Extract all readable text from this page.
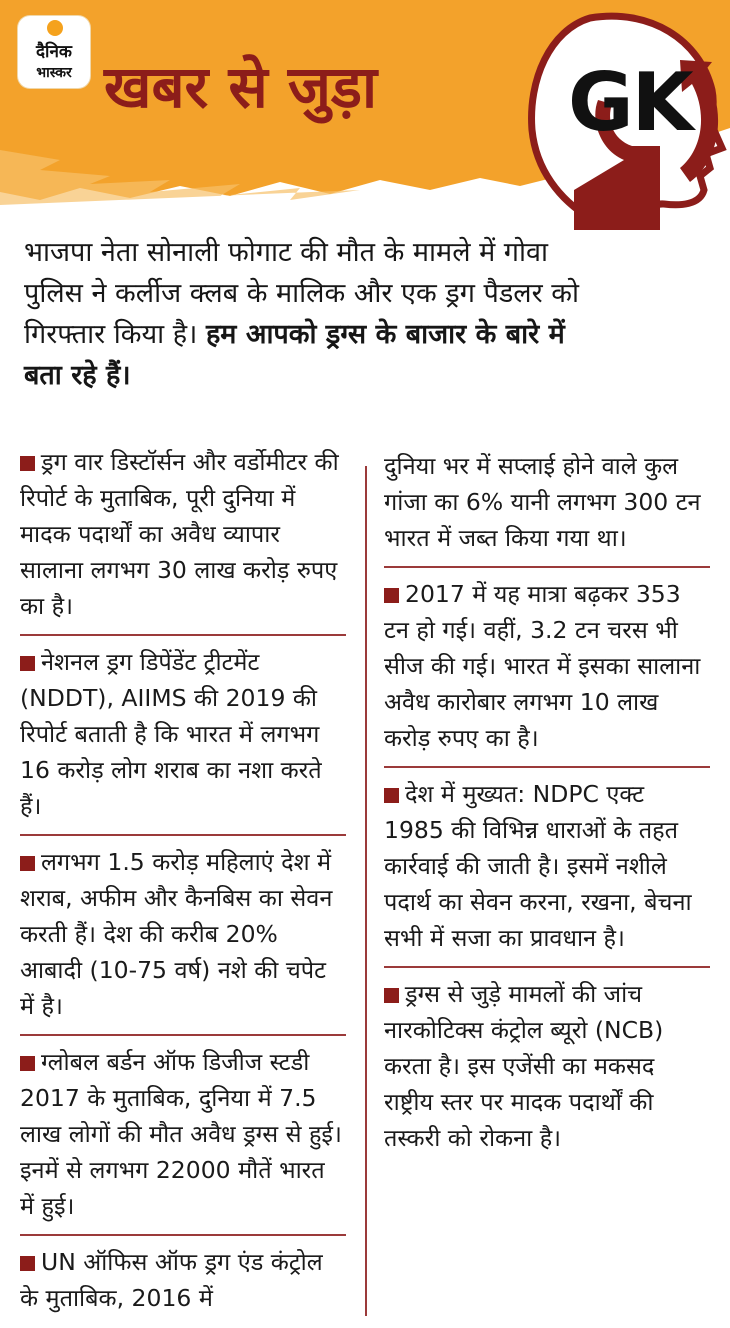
दैनिक
भास्कर खबर से जुड़ा GK
भाजपा नेता सोनाली फोगाट की मौत के मामले में गोवा पुलिस ने कर्लीज क्लब के मालिक और एक ड्रग पैडलर को गिरफ्तार किया है। हम आपको ड्रग्स के बाजार के बारे में बता रहे हैं।
ड्रग वार डिस्टॉर्सन और वर्डोमीटर की रिपोर्ट के मुताबिक, पूरी दुनिया में मादक पदार्थों का अवैध व्यापार सालाना लगभग 30 लाख करोड़ रुपए का है।
नेशनल ड्रग डिपेंडेंट ट्रीटमेंट (NDDT), AIIMS की 2019 की रिपोर्ट बताती है कि भारत में लगभग 16 करोड़ लोग शराब का नशा करते हैं।
लगभग 1.5 करोड़ महिलाएं देश में शराब, अफीम और कैनबिस का सेवन करती हैं। देश की करीब 20% आबादी (10-75 वर्ष) नशे की चपेट में है।
ग्लोबल बर्डन ऑफ डिजीज स्टडी 2017 के मुताबिक, दुनिया में 7.5 लाख लोगों की मौत अवैध ड्रग्स से हुई। इनमें से लगभग 22000 मौतें भारत में हुई।
UN ऑफिस ऑफ ड्रग एंड कंट्रोल के मुताबिक, 2016 में
दुनिया भर में सप्लाई होने वाले कुल गांजा का 6% यानी लगभग 300 टन भारत में जब्त किया गया था।
2017 में यह मात्रा बढ़कर 353 टन हो गई। वहीं, 3.2 टन चरस भी सीज की गई। भारत में इसका सालाना अवैध कारोबार लगभग 10 लाख करोड़ रुपए का है।
देश में मुख्यत: NDPC एक्ट 1985 की विभिन्न धाराओं के तहत कार्रवाई की जाती है। इसमें नशीले पदार्थ का सेवन करना, रखना, बेचना सभी में सजा का प्रावधान है।
ड्रग्स से जुड़े मामलों की जांच नारकोटिक्स कंट्रोल ब्यूरो (NCB) करता है। इस एजेंसी का मकसद राष्ट्रीय स्तर पर मादक पदार्थों की तस्करी को रोकना है।
